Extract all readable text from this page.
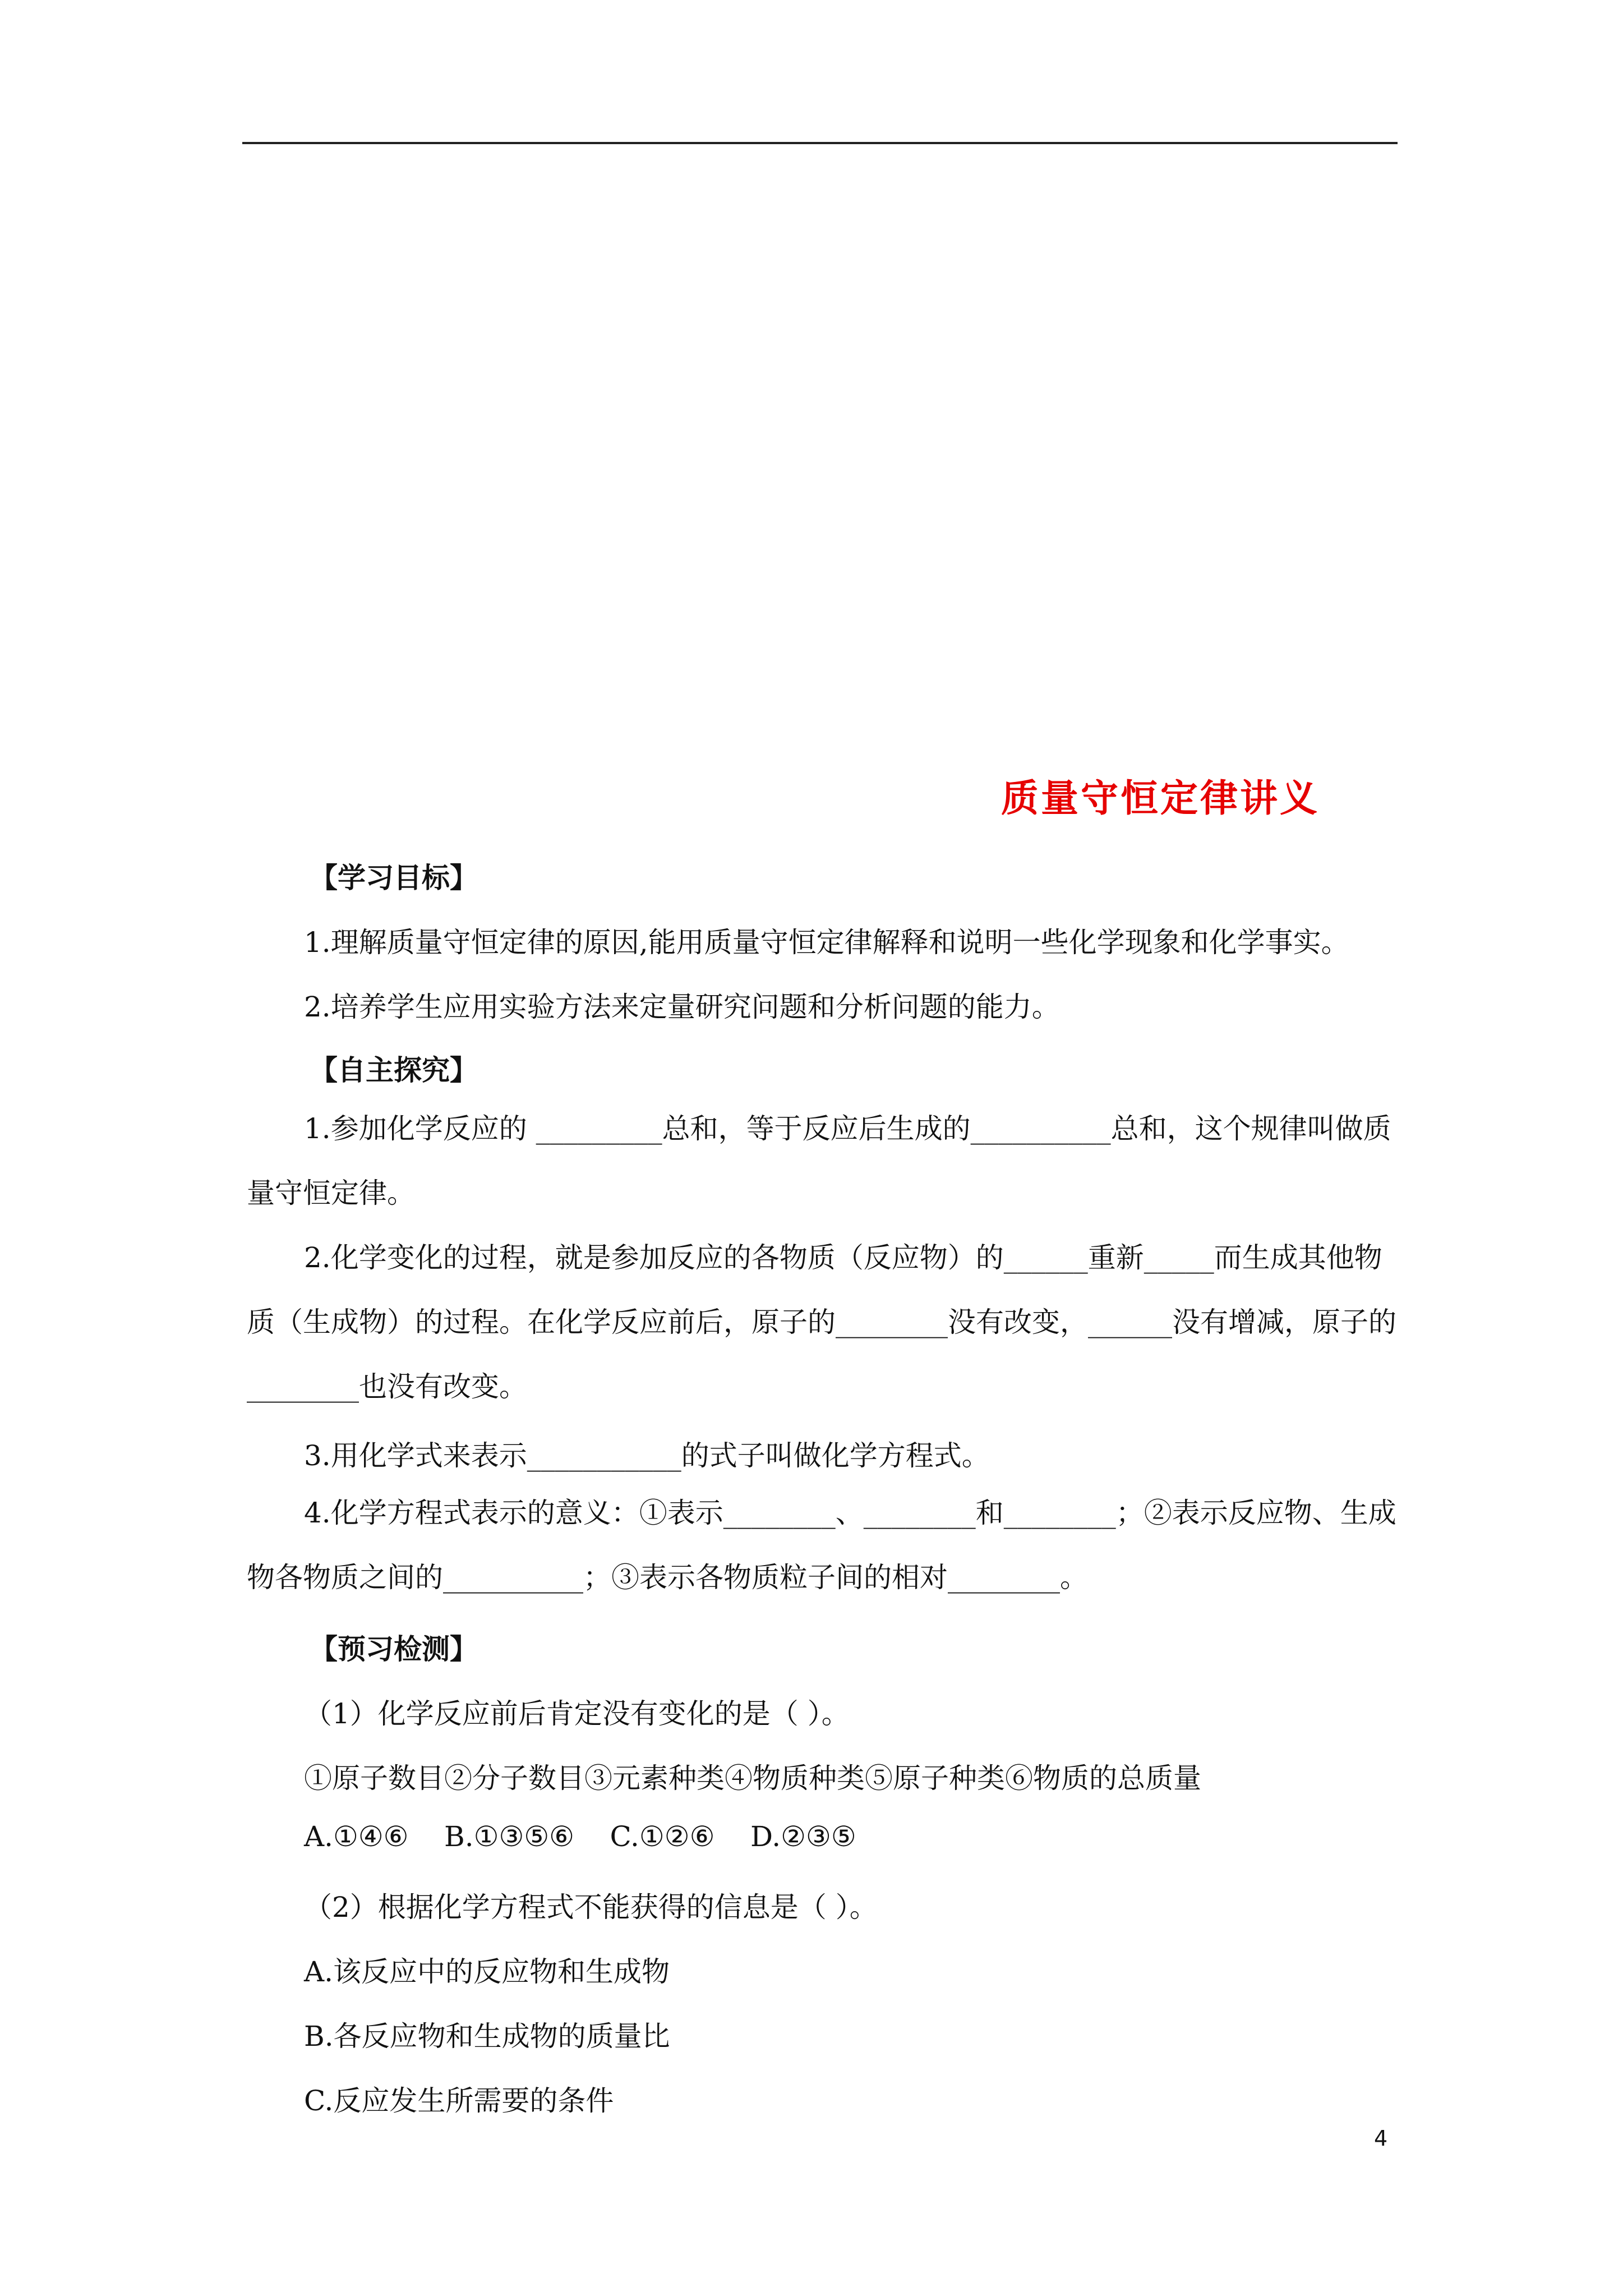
质量守恒定律讲义
【学习目标】
1.理解质量守恒定律的原因,能用质量守恒定律解释和说明一些化学现象和化学事实。
2.培养学生应用实验方法来定量研究问题和分析问题的能力。
【自主探究】

1.参加化学反应的 _________总和，等于反应后生成的__________总和，这个规律叫做质量守恒定律。

2.化学变化的过程，就是参加反应的各物质（反应物）的______重新_____而生成其他物质（生成物）的过程。在化学反应前后，原子的________没有改变，______没有增减，原子的________也没有改变。

3.用化学式来表示___________的式子叫做化学方程式。

4.化学方程式表示的意义：①表示________、________和________；②表示反应物、生成物各物质之间的__________；③表示各物质粒子间的相对________。

【预习检测】
（1）化学反应前后肯定没有变化的是（ ）。
①原子数目②分子数目③元素种类④物质种类⑤原子种类⑥物质的总质量
A.①④⑥    B.①③⑤⑥    C.①②⑥    D.②③⑤
（2）根据化学方程式不能获得的信息是（ ）。
A.该反应中的反应物和生成物
B.各反应物和生成物的质量比
C.反应发生所需要的条件
4
